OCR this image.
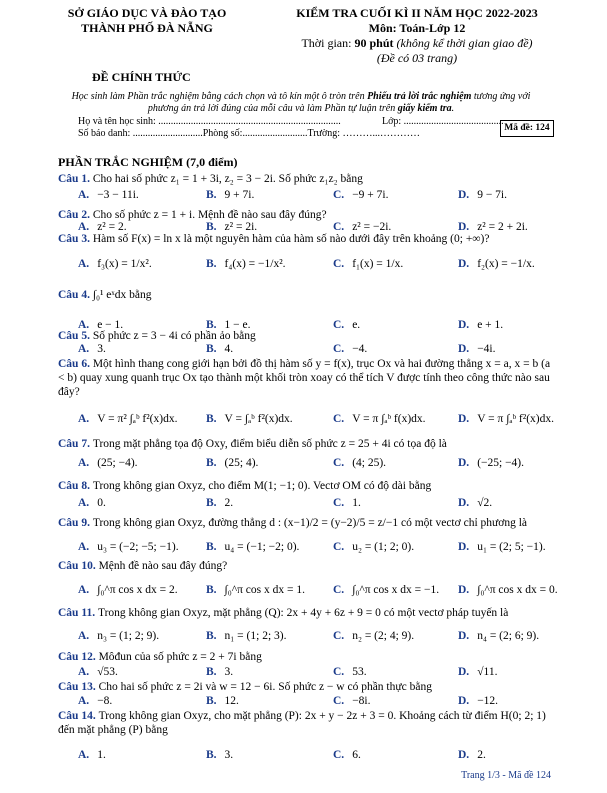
SỞ GIÁO DỤC VÀ ĐÀO TẠO
THÀNH PHỐ ĐÀ NẴNG
KIỂM TRA CUỐI KÌ II NĂM HỌC 2022-2023
Môn: Toán-Lớp 12
Thời gian: 90 phút (không kể thời gian giao đề)
(Đề có 03 trang)
ĐỀ CHÍNH THỨC
Học sinh làm Phần trắc nghiệm bằng cách chọn và tô kín một ô tròn trên Phiếu trả lời trắc nghiệm tương ứng với phương án trả lời đúng của mỗi câu và làm Phần tự luận trên giấy kiểm tra.
Họ và tên học sinh: .........................................................................	Lớp: ........................................
Số báo danh: ............................Phòng số:..........................Trường: ………...…………	Mã đề: 124
PHẦN TRẮC NGHIỆM (7,0 điểm)
Câu 1. Cho hai số phức z₁ = 1 + 3i, z₂ = 3 − 2i. Số phức z₁z₂ bằng
A. −3 − 11i.	B. 9 + 7i.	C. −9 + 7i.	D. 9 − 7i.
Câu 2. Cho số phức z = 1 + i. Mệnh đề nào sau đây đúng?
A. z² = 2.	B. z² = 2i.	C. z² = −2i.	D. z² = 2 + 2i.
Câu 3. Hàm số F(x) = ln x là một nguyên hàm của hàm số nào dưới đây trên khoảng (0; +∞)?
A. f₃(x) = 1/x².	B. f₄(x) = −1/x².	C. f₁(x) = 1/x.	D. f₂(x) = −1/x.
Câu 4. ∫₀¹ eˣdx bằng
A. e − 1.	B. 1 − e.	C. e.	D. e + 1.
Câu 5. Số phức z = 3 − 4i có phần ảo bằng
A. 3.	B. 4.	C. −4.	D. −4i.
Câu 6. Một hình thang cong giới hạn bởi đồ thị hàm số y = f(x), trục Ox và hai đường thẳng x = a, x = b (a < b) quay xung quanh trục Ox tạo thành một khối tròn xoay có thể tích V được tính theo công thức nào sau đây?
A. V = π² ∫ₐᵇ f²(x)dx. B. V = ∫ₐᵇ f²(x)dx.	C. V = π ∫ₐᵇ f(x)dx.	D. V = π ∫ₐᵇ f²(x)dx.
Câu 7. Trong mặt phẳng tọa độ Oxy, điểm biểu diễn số phức z = 25 + 4i có tọa độ là
A. (25; −4).	B. (25; 4).	C. (4; 25).	D. (−25; −4).
Câu 8. Trong không gian Oxyz, cho điểm M(1; −1; 0). Vectơ OM có độ dài bằng
A. 0.	B. 2.	C. 1.	D. √2.
Câu 9. Trong không gian Oxyz, đường thẳng d : (x−1)/2 = (y−2)/5 = z/−1 có một vectơ chỉ phương là
A. u₃ = (−2; −5; −1). B. u₄ = (−1; −2; 0).	C. u₂ = (1; 2; 0).	D. u₁ = (2; 5; −1).
Câu 10. Mệnh đề nào sau đây đúng?
A. ∫₀^π cos x dx = 2. B. ∫₀^π cos x dx = 1. C. ∫₀^π cos x dx = −1. D. ∫₀^π cos x dx = 0.
Câu 11. Trong không gian Oxyz, mặt phẳng (Q): 2x + 4y + 6z + 9 = 0 có một vectơ pháp tuyến là
A. n₃ = (1; 2; 9).	B. n₁ = (1; 2; 3).	C. n₂ = (2; 4; 9).	D. n₄ = (2; 6; 9).
Câu 12. Môđun của số phức z = 2 + 7i bằng
A. √53.	B. 3.	C. 53.	D. √11.
Câu 13. Cho hai số phức z = 2i và w = 12 − 6i. Số phức z − w có phần thực bằng
A. −8.	B. 12.	C. −8i.	D. −12.
Câu 14. Trong không gian Oxyz, cho mặt phẳng (P): 2x + y − 2z + 3 = 0. Khoảng cách từ điểm H(0; 2; 1) đến mặt phẳng (P) bằng
A. 1.	B. 3.	C. 6.	D. 2.
Trang 1/3 - Mã đề 124
